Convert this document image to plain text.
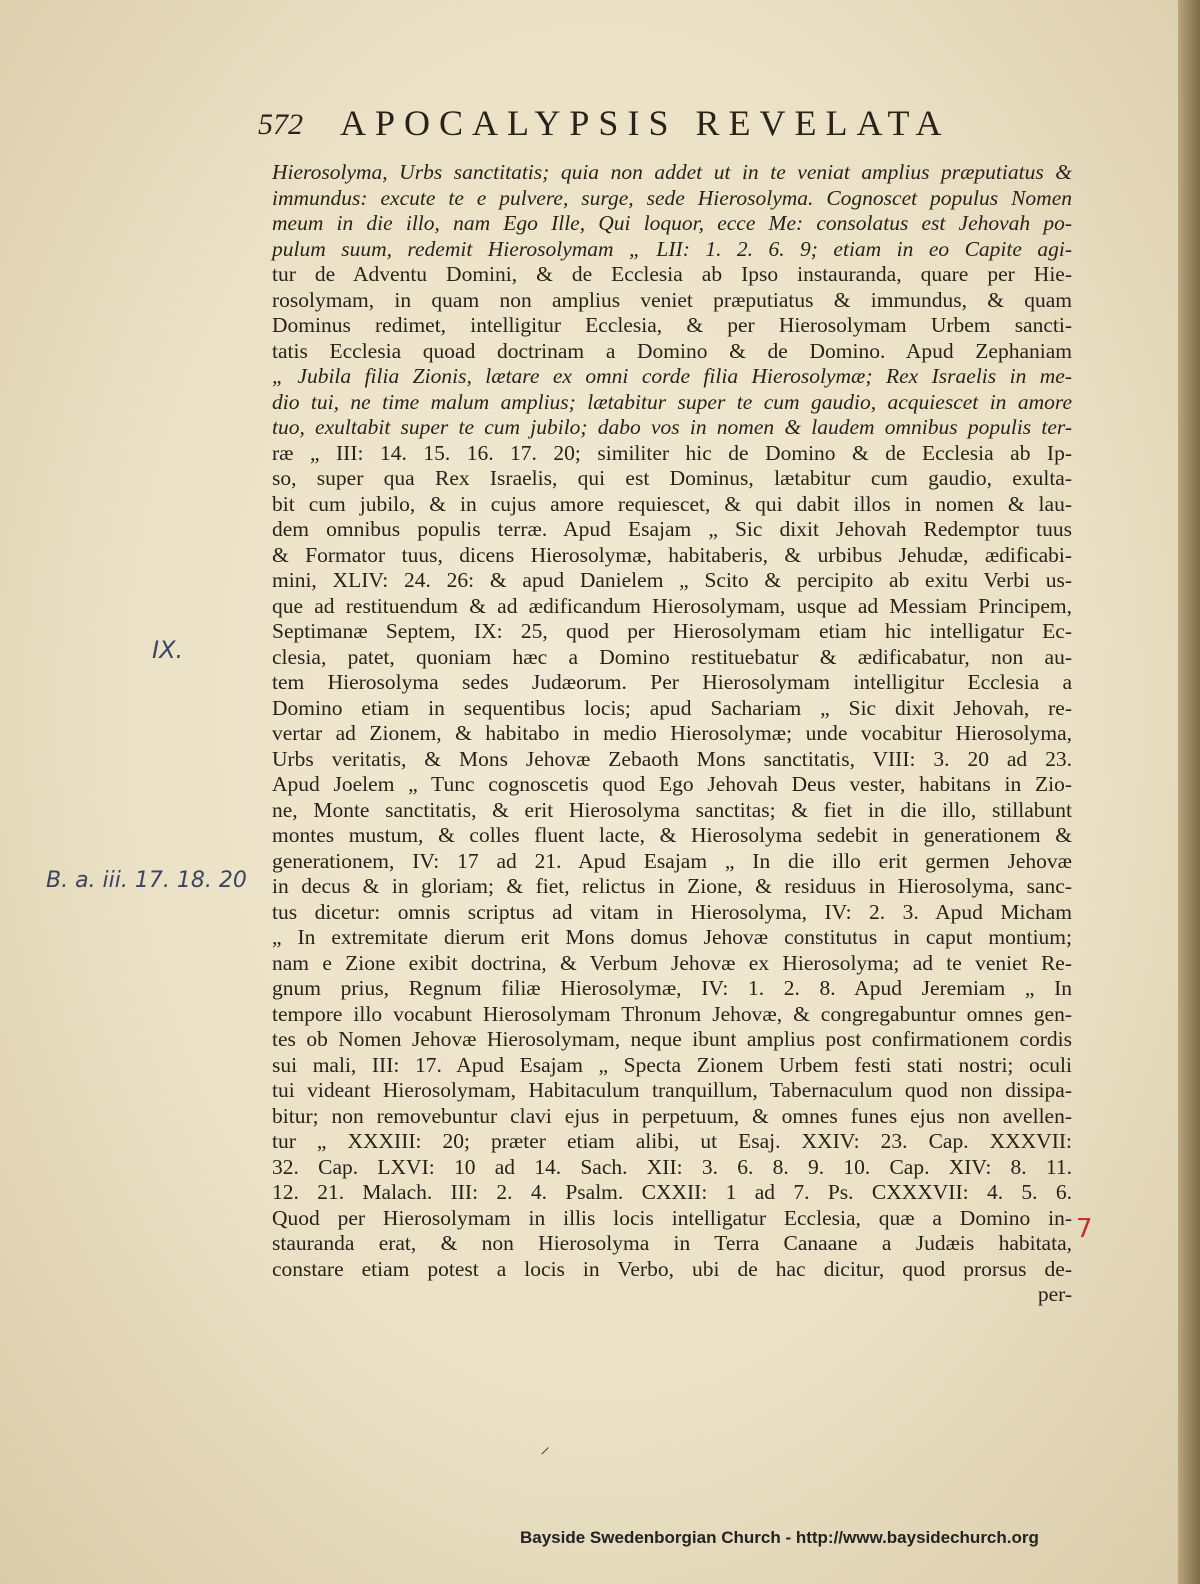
572 APOCALYPSIS REVELATA
Hierosolyma, Urbs sanctitatis; quia non addet ut in te veniat amplius præputiatus &
immundus: excute te e pulvere, surge, sede Hierosolyma. Cognoscet populus Nomen
meum in die illo, nam Ego Ille, Qui loquor, ecce Me: consolatus est Jehovah po-
pulum suum, redemit Hierosolymam „ LII: 1. 2. 6. 9; etiam in eo Capite agi-
tur de Adventu Domini, & de Ecclesia ab Ipso instauranda, quare per Hie-
rosolymam, in quam non amplius veniet præputiatus & immundus, & quam
Dominus redimet, intelligitur Ecclesia, & per Hierosolymam Urbem sancti-
tatis Ecclesia quoad doctrinam a Domino & de Domino. Apud Zephaniam
„ Jubila filia Zionis, lætare ex omni corde filia Hierosolymæ; Rex Israelis in me-
dio tui, ne time malum amplius; lætabitur super te cum gaudio, acquiescet in amore
tuo, exultabit super te cum jubilo; dabo vos in nomen & laudem omnibus populis ter-
ræ „ III: 14. 15. 16. 17. 20; similiter hic de Domino & de Ecclesia ab Ip-
so, super qua Rex Israelis, qui est Dominus, lætabitur cum gaudio, exulta-
bit cum jubilo, & in cujus amore requiescet, & qui dabit illos in nomen & lau-
dem omnibus populis terræ. Apud Esajam „ Sic dixit Jehovah Redemptor tuus
& Formator tuus, dicens Hierosolymæ, habitaberis, & urbibus Jehudæ, ædificabi-
mini, XLIV: 24. 26: & apud Danielem „ Scito & percipito ab exitu Verbi us-
que ad restituendum & ad ædificandum Hierosolymam, usque ad Messiam Principem,
Septimanæ Septem, IX: 25, quod per Hierosolymam etiam hic intelligatur Ec-
clesia, patet, quoniam hæc a Domino restituebatur & ædificabatur, non au-
tem Hierosolyma sedes Judæorum. Per Hierosolymam intelligitur Ecclesia a
Domino etiam in sequentibus locis; apud Sachariam „ Sic dixit Jehovah, re-
vertar ad Zionem, & habitabo in medio Hierosolymæ; unde vocabitur Hierosolyma,
Urbs veritatis, & Mons Jehovæ Zebaoth Mons sanctitatis, VIII: 3. 20 ad 23.
Apud Joelem „ Tunc cognoscetis quod Ego Jehovah Deus vester, habitans in Zio-
ne, Monte sanctitatis, & erit Hierosolyma sanctitas; & fiet in die illo, stillabunt
montes mustum, & colles fluent lacte, & Hierosolyma sedebit in generationem &
generationem, IV: 17 ad 21. Apud Esajam „ In die illo erit germen Jehovæ
in decus & in gloriam; & fiet, relictus in Zione, & residuus in Hierosolyma, sanc-
tus dicetur: omnis scriptus ad vitam in Hierosolyma, IV: 2. 3. Apud Micham
„ In extremitate dierum erit Mons domus Jehovæ constitutus in caput montium;
nam e Zione exibit doctrina, & Verbum Jehovæ ex Hierosolyma; ad te veniet Re-
gnum prius, Regnum filiæ Hierosolymæ, IV: 1. 2. 8. Apud Jeremiam „ In
tempore illo vocabunt Hierosolymam Thronum Jehovæ, & congregabuntur omnes gen-
tes ob Nomen Jehovæ Hierosolymam, neque ibunt amplius post confirmationem cordis
sui mali, III: 17. Apud Esajam „ Specta Zionem Urbem festi stati nostri; oculi
tui videant Hierosolymam, Habitaculum tranquillum, Tabernaculum quod non dissipa-
bitur; non removebuntur clavi ejus in perpetuum, & omnes funes ejus non avellen-
tur „ XXXIII: 20; præter etiam alibi, ut Esaj. XXIV: 23. Cap. XXXVII:
32. Cap. LXVI: 10 ad 14. Sach. XII: 3. 6. 8. 9. 10. Cap. XIV: 8. 11.
12. 21. Malach. III: 2. 4. Psalm. CXXII: 1 ad 7. Ps. CXXXVII: 4. 5. 6.
Quod per Hierosolymam in illis locis intelligatur Ecclesia, quæ a Domino in-
stauranda erat, & non Hierosolyma in Terra Canaane a Judæis habitata,
constare etiam potest a locis in Verbo, ubi de hac dicitur, quod prorsus de-
per-
IX.
B. a. iii. 17. 18. 20
7
⸝
Bayside Swedenborgian Church - http://www.baysidechurch.org
